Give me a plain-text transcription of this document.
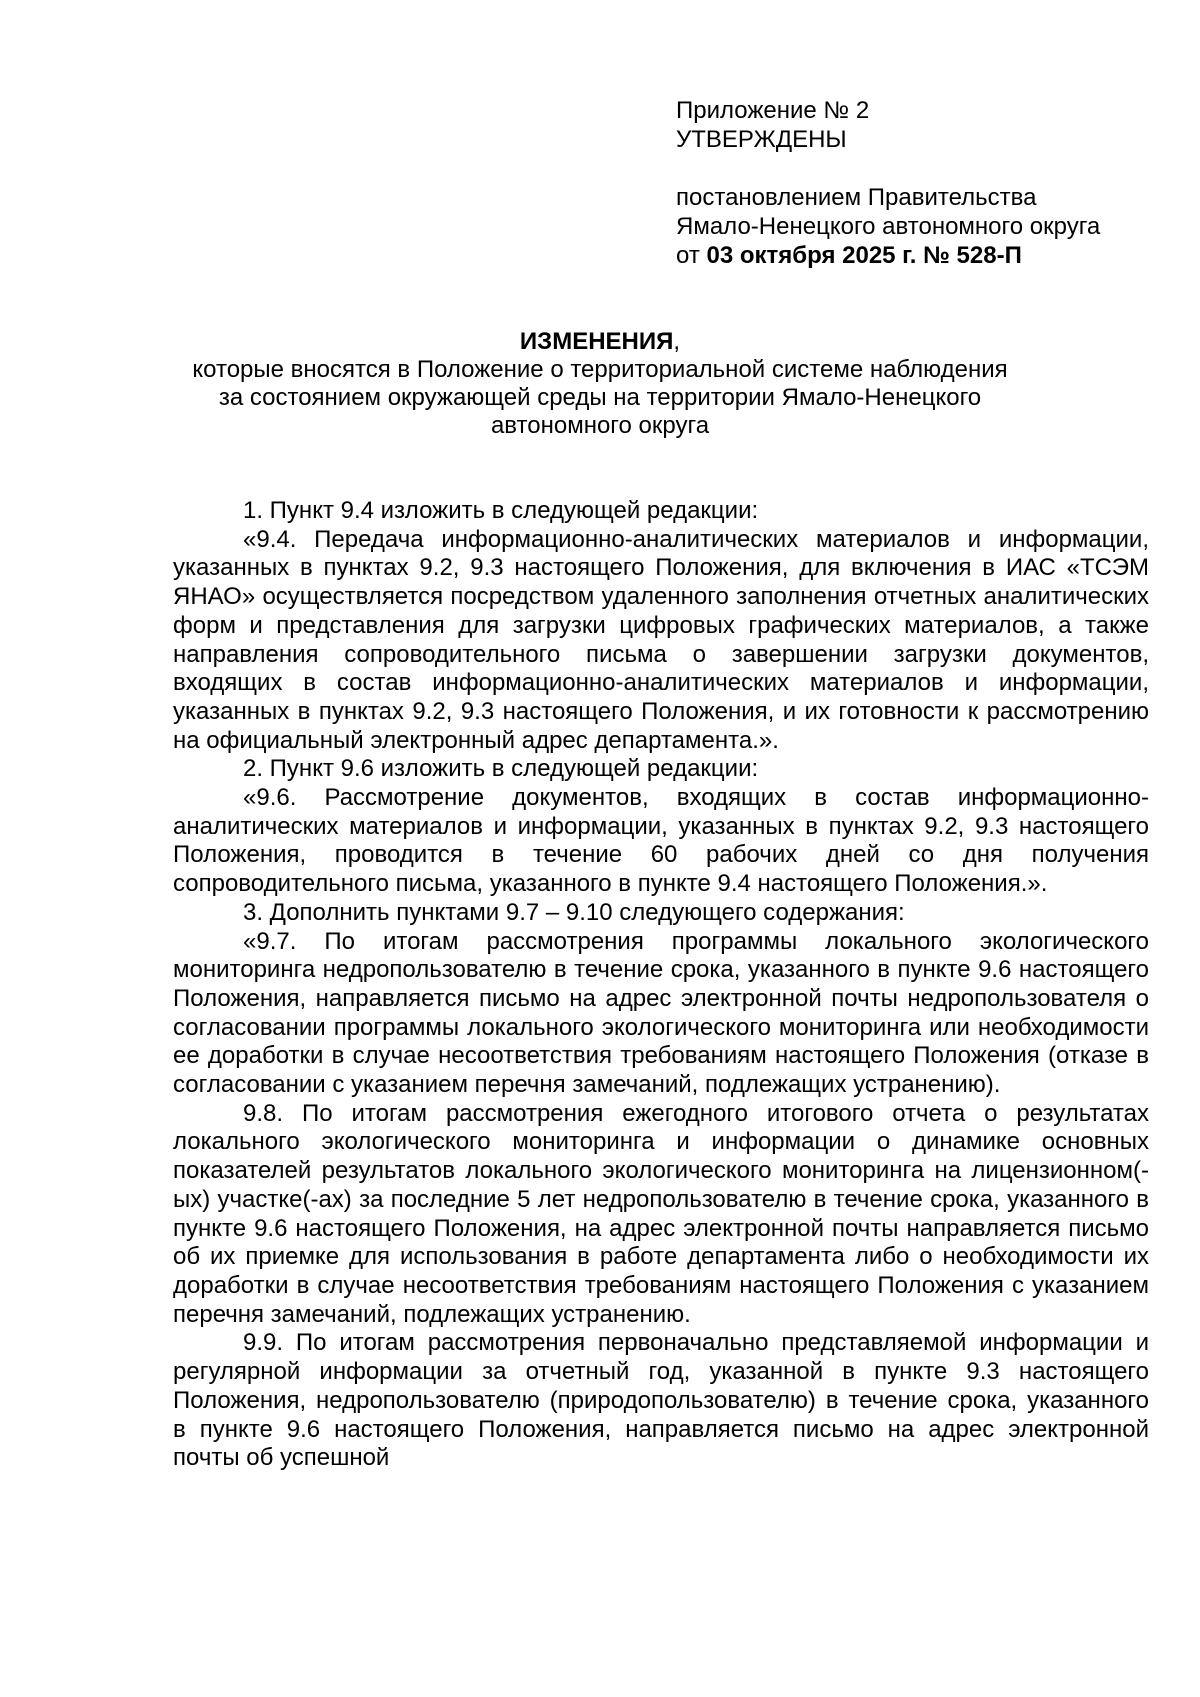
Приложение № 2
УТВЕРЖДЕНЫ
постановлением Правительства
Ямало-Ненецкого автономного округа
от 03 октября 2025 г. № 528-П
ИЗМЕНЕНИЯ,
которые вносятся в Положение о территориальной системе наблюдения
за состоянием окружающей среды на территории Ямало-Ненецкого
автономного округа

1. Пункт 9.4 изложить в следующей редакции:

«9.4. Передача информационно-аналитических материалов и информации, указанных в пунктах 9.2, 9.3 настоящего Положения, для включения в ИАС «ТСЭМ ЯНАО» осуществляется посредством удаленного заполнения отчетных аналитических форм и представления для загрузки цифровых графических материалов, а также направления сопроводительного письма о завершении загрузки документов, входящих в состав информационно-аналитических материалов и информации, указанных в пунктах 9.2, 9.3 настоящего Положения, и их готовности к рассмотрению на официальный электронный адрес департамента.».

2. Пункт 9.6 изложить в следующей редакции:

«9.6. Рассмотрение документов, входящих в состав информационно-аналитических материалов и информации, указанных в пунктах 9.2, 9.3 настоящего Положения, проводится в течение 60 рабочих дней со дня получения сопроводительного письма, указанного в пункте 9.4 настоящего Положения.».

3. Дополнить пунктами 9.7 – 9.10 следующего содержания:

«9.7. По итогам рассмотрения программы локального экологического мониторинга недропользователю в течение срока, указанного в пункте 9.6 настоящего Положения, направляется письмо на адрес электронной почты недропользователя о согласовании программы локального экологического мониторинга или необходимости ее доработки в случае несоответствия требованиям настоящего Положения (отказе в согласовании с указанием перечня замечаний, подлежащих устранению).

9.8. По итогам рассмотрения ежегодного итогового отчета о результатах локального экологического мониторинга и информации о динамике основных показателей результатов локального экологического мониторинга на лицензионном(-ых) участке(-ах) за последние 5 лет недропользователю в течение срока, указанного в пункте 9.6 настоящего Положения, на адрес электронной почты направляется письмо об их приемке для использования в работе департамента либо о необходимости их доработки в случае несоответствия требованиям настоящего Положения с указанием перечня замечаний, подлежащих устранению.

9.9. По итогам рассмотрения первоначально представляемой информации и регулярной информации за отчетный год, указанной в пункте 9.3 настоящего Положения, недропользователю (природопользователю) в течение срока, указанного в пункте 9.6 настоящего Положения, направляется письмо на адрес электронной почты об успешной
